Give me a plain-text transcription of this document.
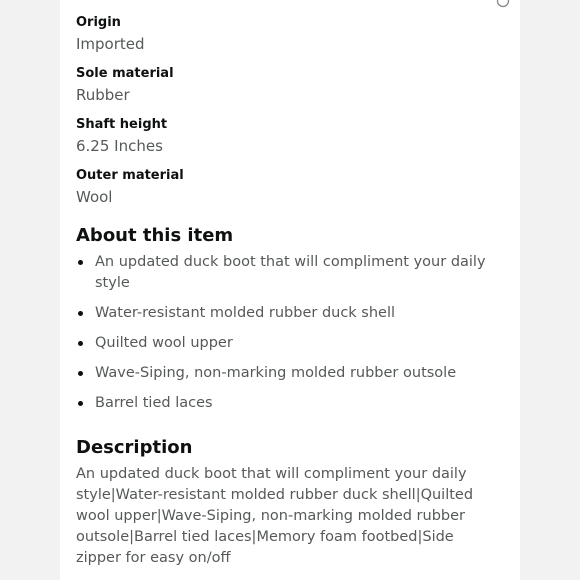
Origin
Imported
Sole material
Rubber
Shaft height
6.25 Inches
Outer material
Wool
About this item
An updated duck boot that will compliment your daily style
Water-resistant molded rubber duck shell
Quilted wool upper
Wave-Siping, non-marking molded rubber outsole
Barrel tied laces
Description
An updated duck boot that will compliment your daily style|Water-resistant molded rubber duck shell|Quilted wool upper|Wave-Siping, non-marking molded rubber outsole|Barrel tied laces|Memory foam footbed|Side zipper for easy on/off
